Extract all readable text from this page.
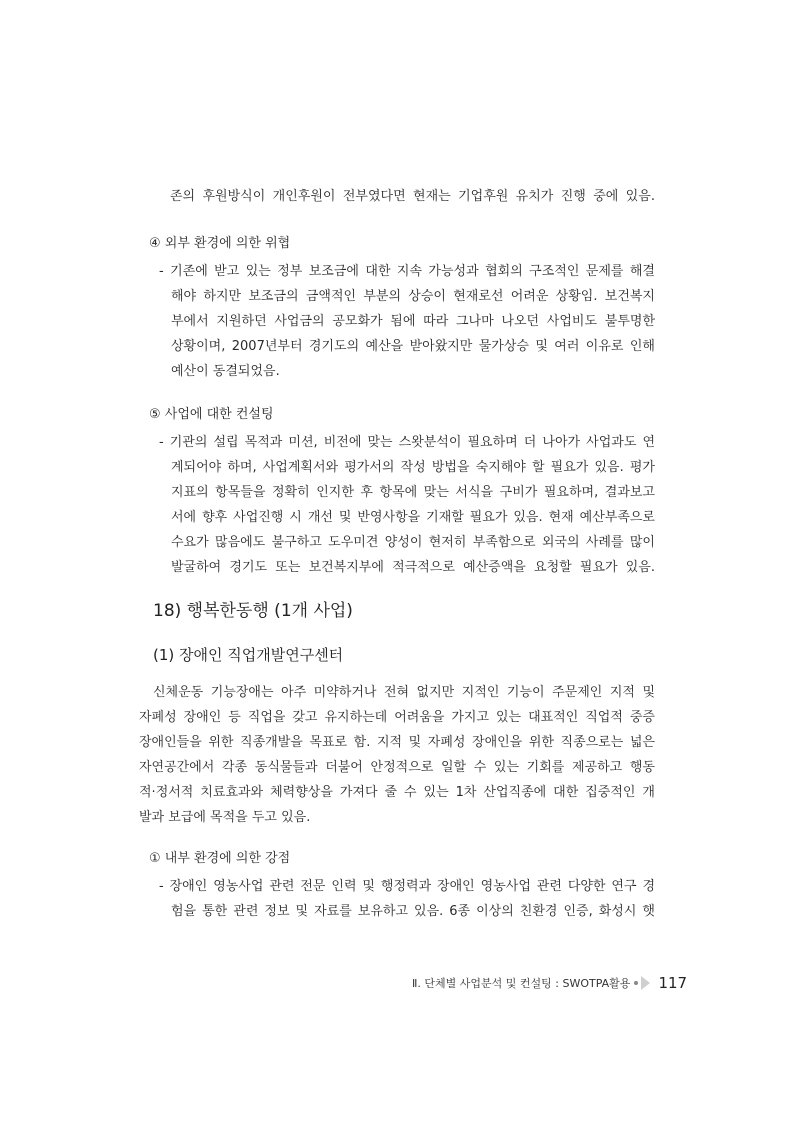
존의 후원방식이 개인후원이 전부였다면 현재는 기업후원 유치가 진행 중에 있음.
④ 외부 환경에 의한 위협
- 기존에 받고 있는 정부 보조금에 대한 지속 가능성과 협회의 구조적인 문제를 해결
해야 하지만 보조금의 금액적인 부분의 상승이 현재로선 어려운 상황임. 보건복지
부에서 지원하던 사업금의 공모화가 됨에 따라 그나마 나오던 사업비도 불투명한
상황이며, 2007년부터 경기도의 예산을 받아왔지만 물가상승 및 여러 이유로 인해
예산이 동결되었음.
⑤ 사업에 대한 컨설팅
- 기관의 설립 목적과 미션, 비전에 맞는 스왓분석이 필요하며 더 나아가 사업과도 연
계되어야 하며, 사업계획서와 평가서의 작성 방법을 숙지해야 할 필요가 있음. 평가
지표의 항목들을 정확히 인지한 후 항목에 맞는 서식을 구비가 필요하며, 결과보고
서에 향후 사업진행 시 개선 및 반영사항을 기재할 필요가 있음. 현재 예산부족으로
수요가 많음에도 불구하고 도우미견 양성이 현저히 부족함으로 외국의 사례를 많이
발굴하여 경기도 또는 보건복지부에 적극적으로 예산증액을 요청할 필요가 있음.
18) 행복한동행 (1개 사업)
(1) 장애인 직업개발연구센터
신체운동 기능장애는 아주 미약하거나 전혀 없지만 지적인 기능이 주문제인 지적 및
자폐성 장애인 등 직업을 갖고 유지하는데 어려움을 가지고 있는 대표적인 직업적 중증
장애인들을 위한 직종개발을 목표로 함. 지적 및 자폐성 장애인을 위한 직종으로는 넓은
자연공간에서 각종 동식물들과 더불어 안정적으로 일할 수 있는 기회를 제공하고 행동
적·정서적 치료효과와 체력향상을 가져다 줄 수 있는 1차 산업직종에 대한 집중적인 개
발과 보급에 목적을 두고 있음.
① 내부 환경에 의한 강점
- 장애인 영농사업 관련 전문 인력 및 행정력과 장애인 영농사업 관련 다양한 연구 경
험을 통한 관련 정보 및 자료를 보유하고 있음. 6종 이상의 친환경 인증, 화성시 햇
Ⅱ. 단체별 사업분석 및 컨설팅 : SWOTPA활용 117
